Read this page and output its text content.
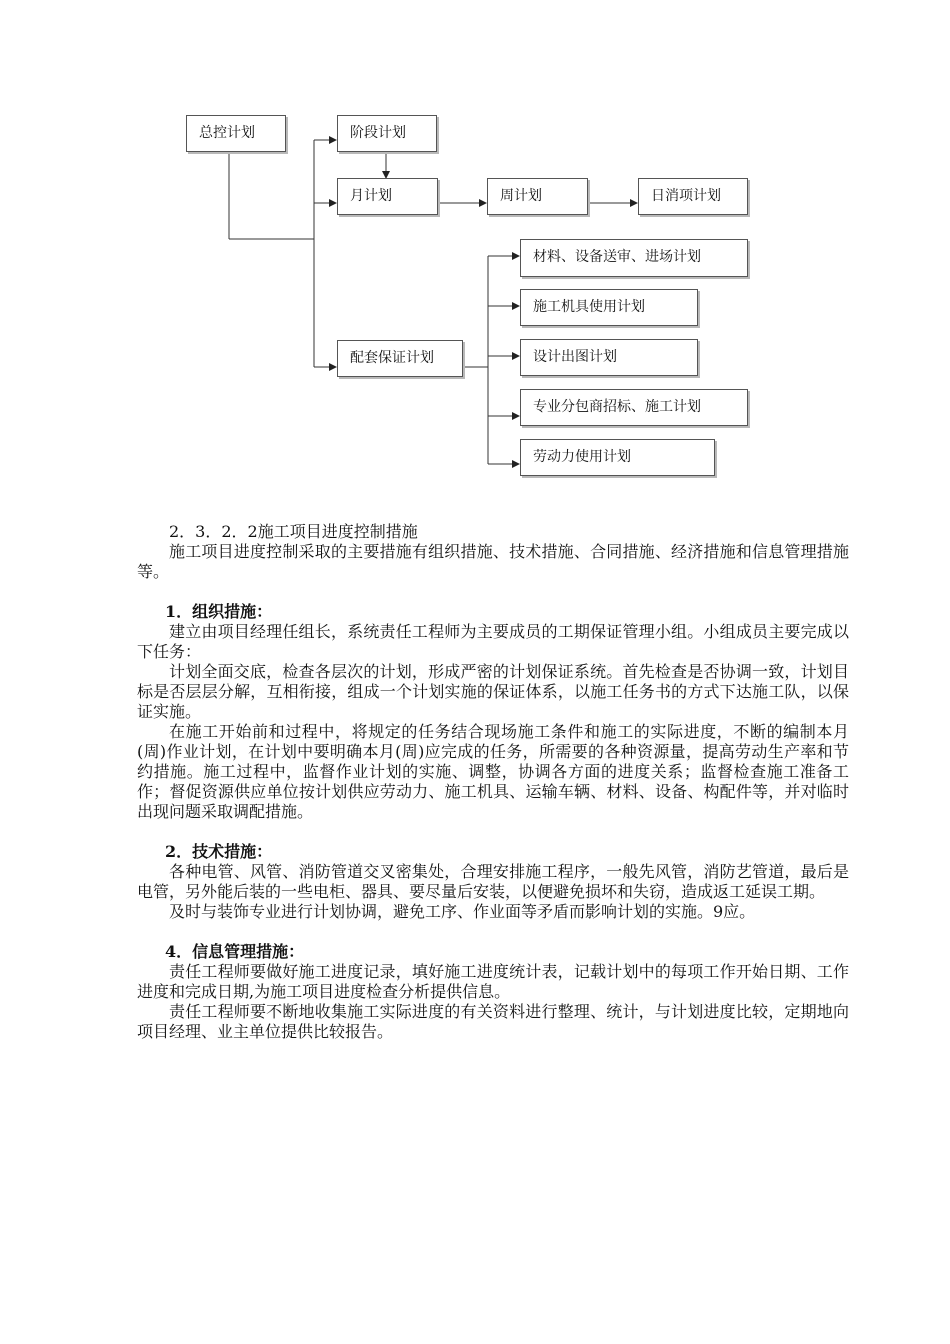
总控计划	阶段计划
月计划	周计划	日消项计划
配套保证计划
材料、设备送审、进场计划
施工机具使用计划
设计出图计划
专业分包商招标、施工计划
劳动力使用计划

2．3．2．2施工项目进度控制措施

施工项目进度控制采取的主要措施有组织措施、技术措施、合同措施、经济措施和信息管理措施等。

1．组织措施：

建立由项目经理任组长，系统责任工程师为主要成员的工期保证管理小组。小组成员主要完成以下任务：

计划全面交底，检查各层次的计划，形成严密的计划保证系统。首先检查是否协调一致，计划目标是否层层分解，互相衔接，组成一个计划实施的保证体系，以施工任务书的方式下达施工队，以保证实施。

在施工开始前和过程中，将规定的任务结合现场施工条件和施工的实际进度，不断的编制本月(周)作业计划，在计划中要明确本月(周)应完成的任务，所需要的各种资源量，提高劳动生产率和节约措施。施工过程中，监督作业计划的实施、调整，协调各方面的进度关系；监督检查施工准备工作；督促资源供应单位按计划供应劳动力、施工机具、运输车辆、材料、设备、构配件等，并对临时出现问题采取调配措施。

2．技术措施：

各种电管、风管、消防管道交叉密集处，合理安排施工程序，一般先风管，消防艺管道，最后是电管，另外能后装的一些电柜、器具、要尽量后安装，以便避免损坏和失窃，造成返工延误工期。

及时与装饰专业进行计划协调，避免工序、作业面等矛盾而影响计划的实施。9应。

4．信息管理措施：

责任工程师要做好施工进度记录，填好施工进度统计表，记载计划中的每项工作开始日期、工作进度和完成日期,为施工项目进度检查分析提供信息。

责任工程师要不断地收集施工实际进度的有关资料进行整理、统计，与计划进度比较，定期地向项目经理、业主单位提供比较报告。
